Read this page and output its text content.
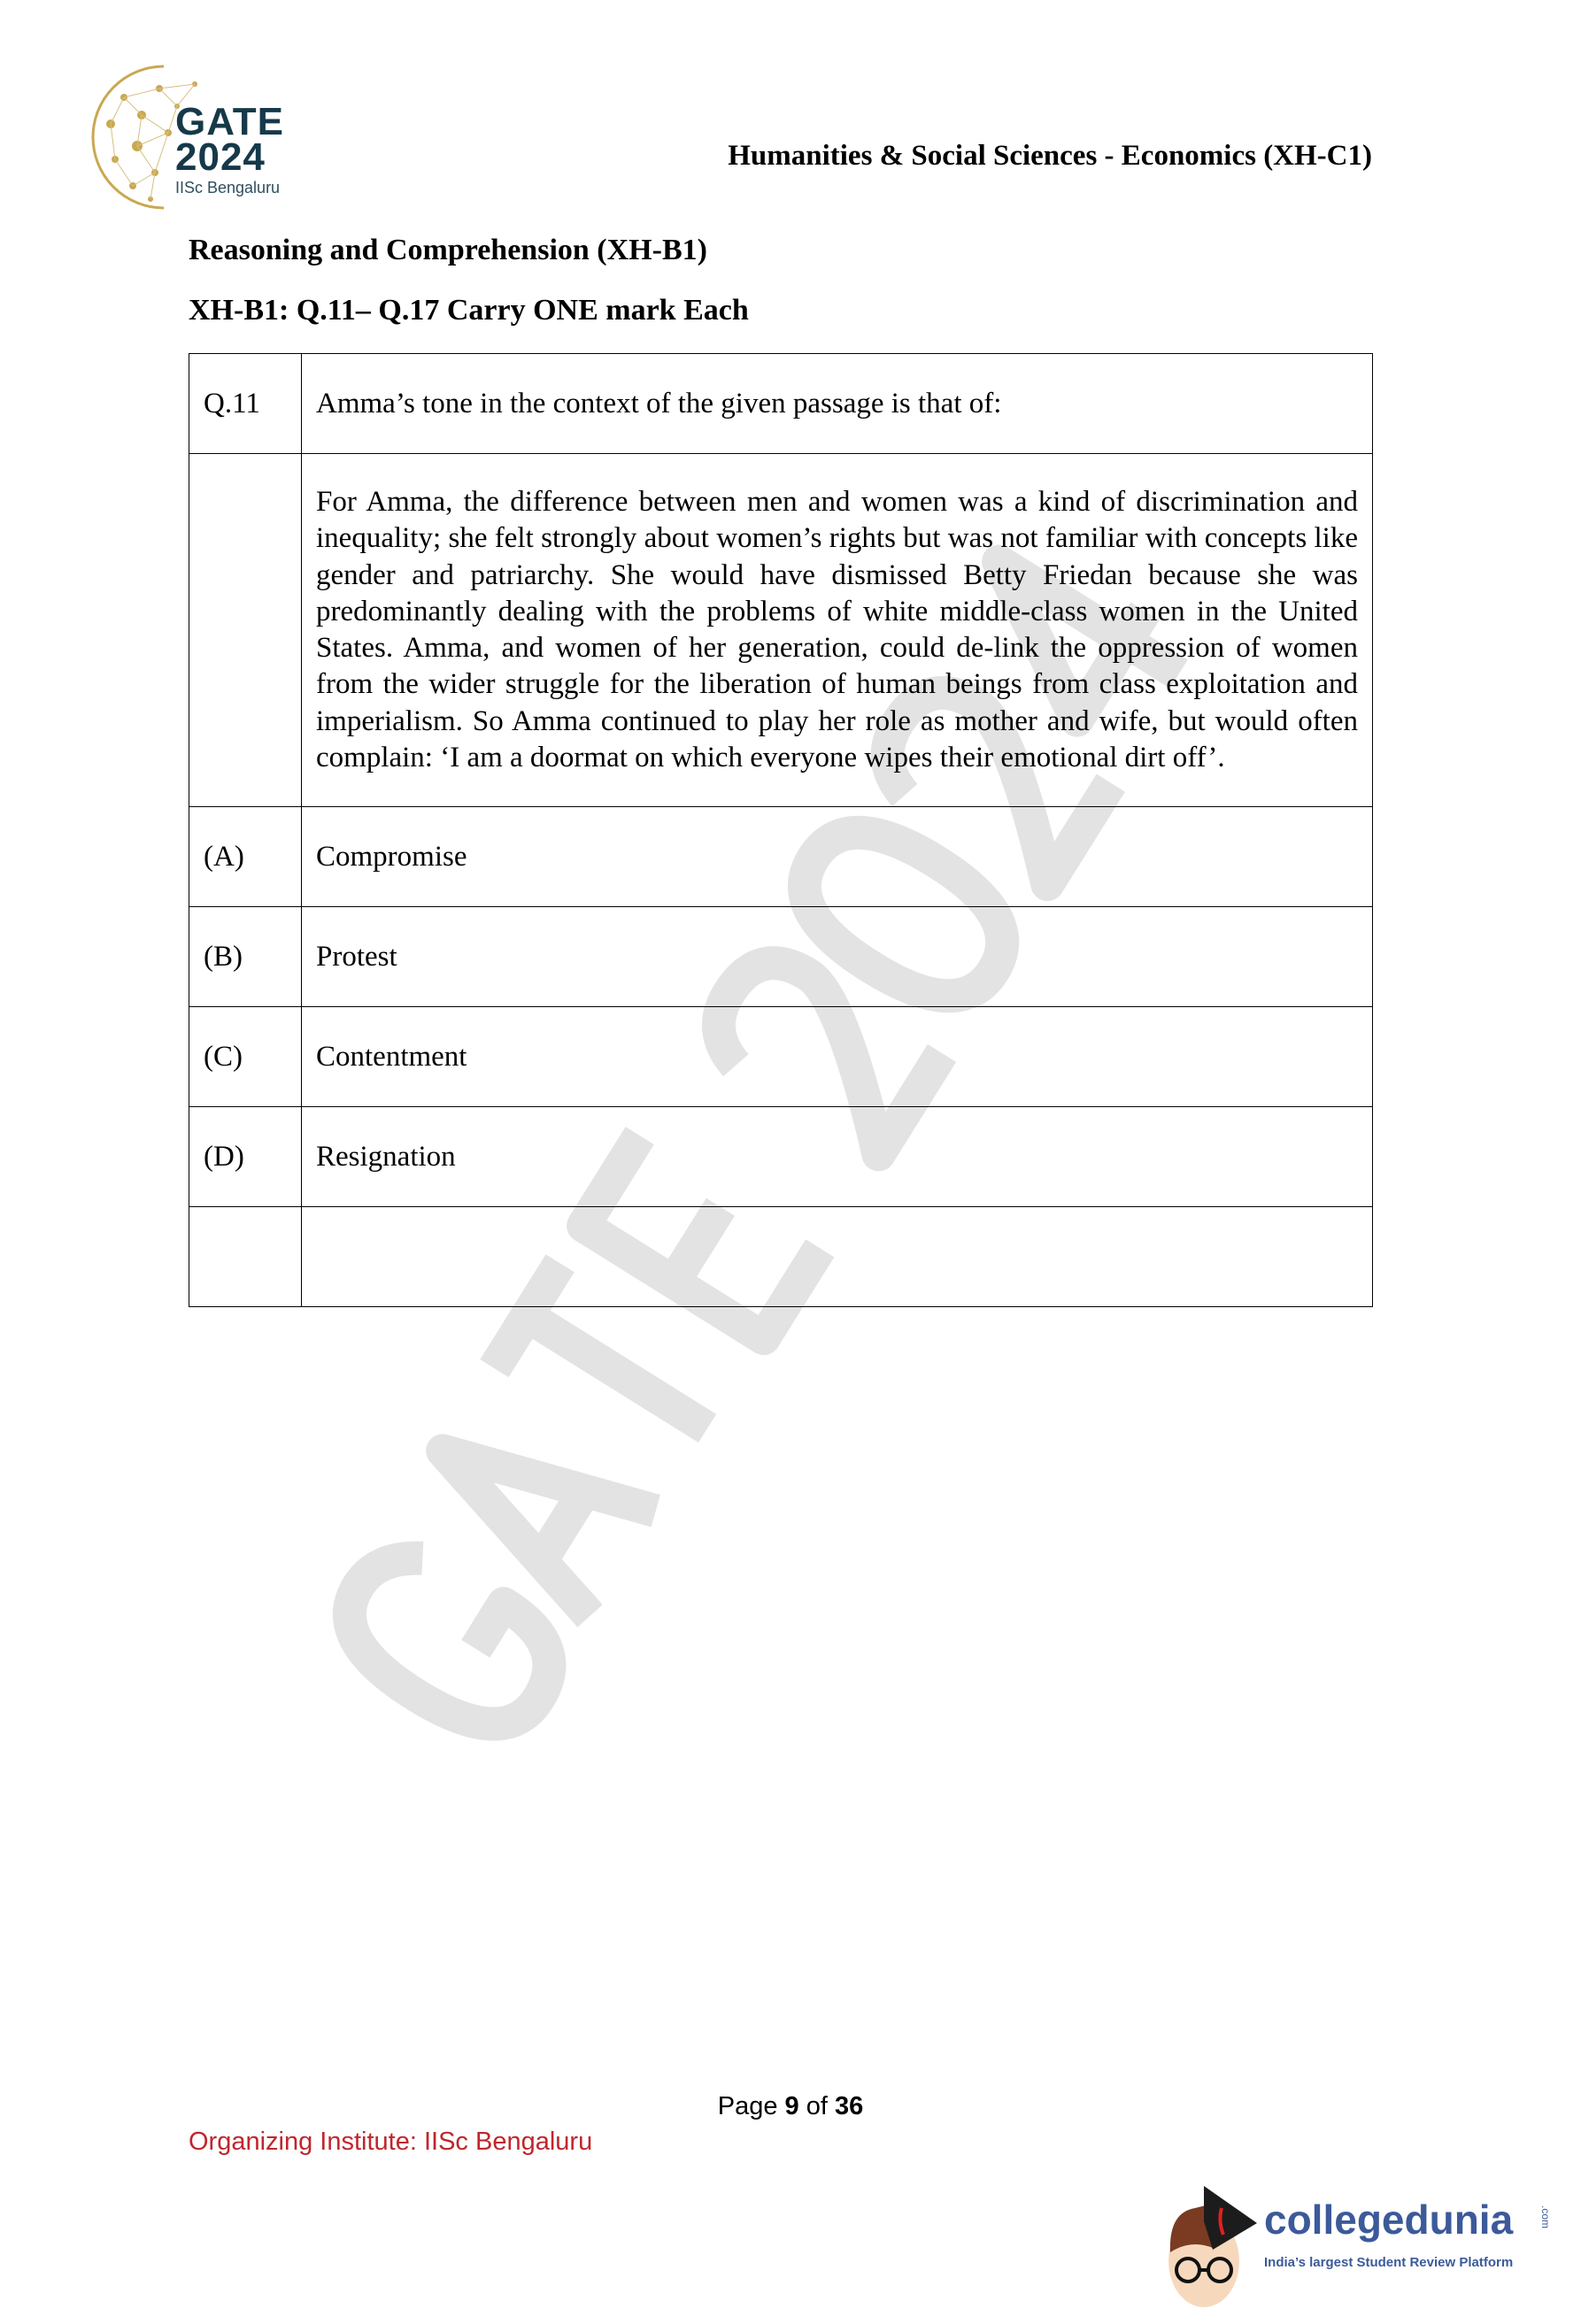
GATE
2024
IISc Bengaluru
Humanities & Social Sciences - Economics (XH-C1)
Reasoning and Comprehension (XH-B1)
XH-B1: Q.11– Q.17 Carry ONE mark Each
Q.11	Amma’s tone in the context of the given passage is that of:
	For Amma, the difference between men and women was a kind of discrimination and inequality; she felt strongly about women’s rights but was not familiar with concepts like gender and patriarchy. She would have dismissed Betty Friedan because she was predominantly dealing with the problems of white middle-class women in the United States. Amma, and women of her generation, could de-link the oppression of women from the wider struggle for the liberation of human beings from class exploitation and imperialism. So Amma continued to play her role as mother and wife, but would often complain: ‘I am a doormat on which everyone wipes their emotional dirt off’.
(A)	Compromise
(B)	Protest
(C)	Contentment
(D)	Resignation

Page 9 of 36
Organizing Institute: IISc Bengaluru
collegedunia .com
India’s largest Student Review Platform
